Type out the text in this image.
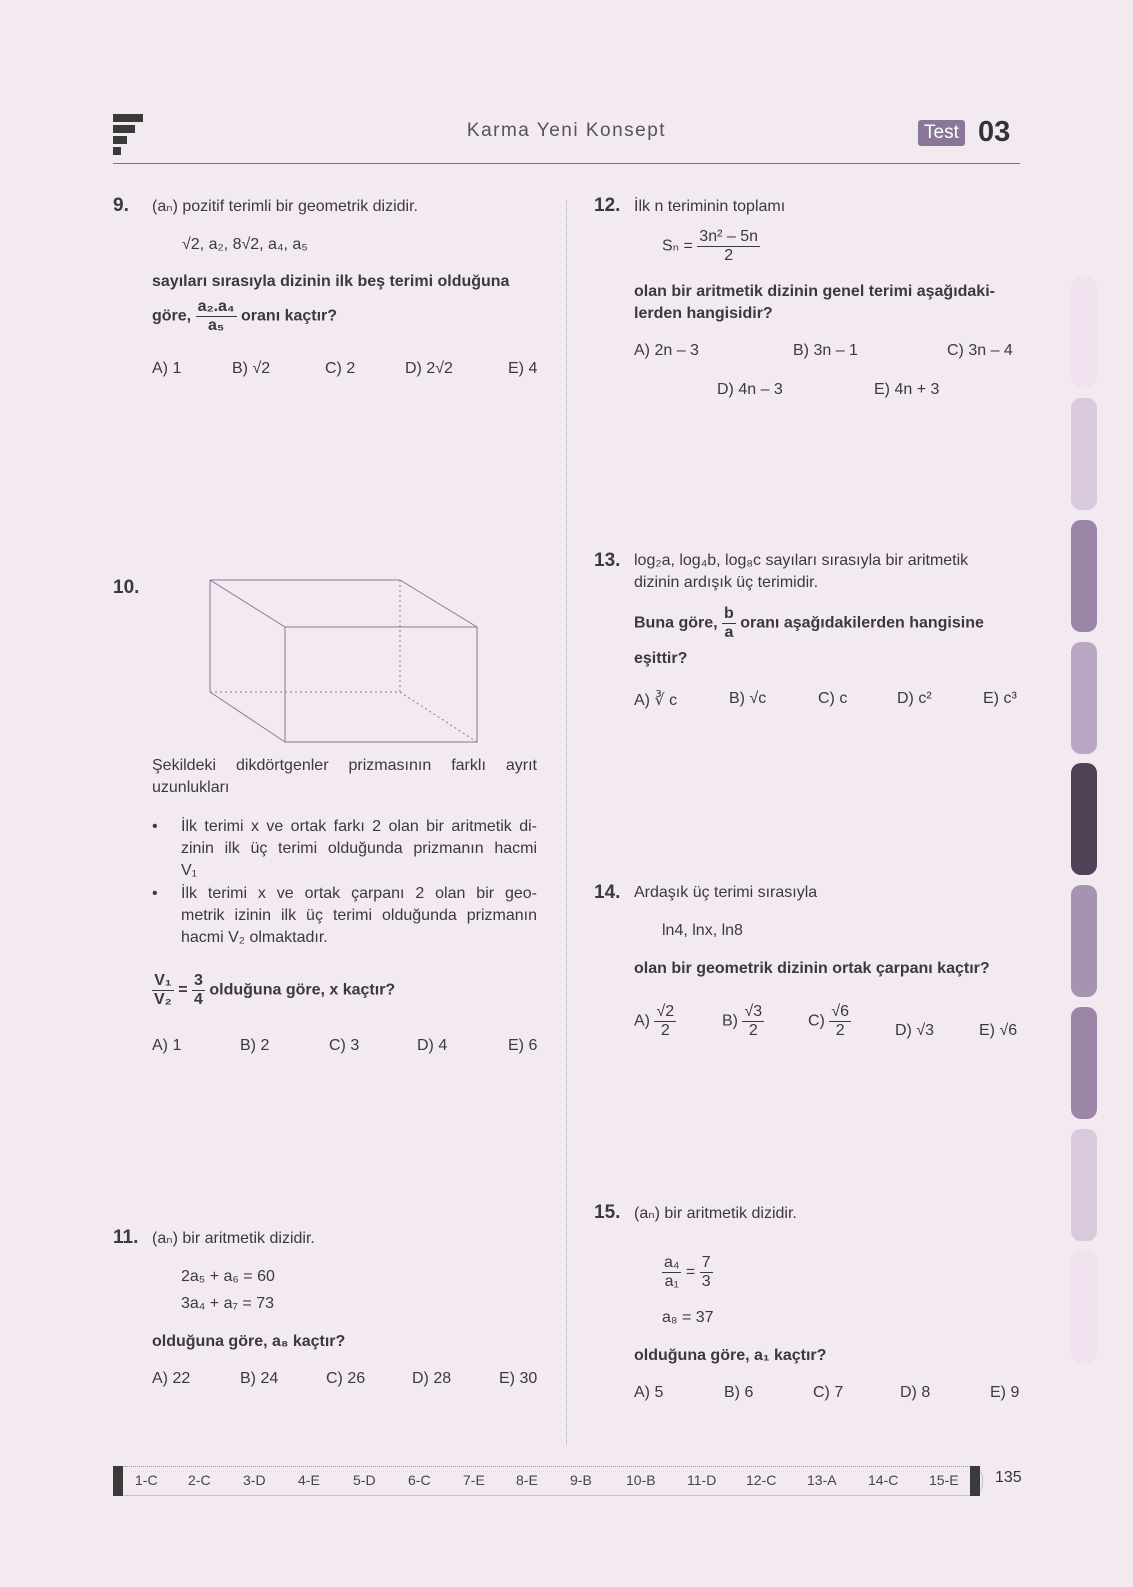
Karma Yeni Konsept	Test 03
9. (aₙ) pozitif terimli bir geometrik dizidir.
√2, a₂, 8√2, a₄, a₅
sayıları sırasıyla dizinin ilk beş terimi olduğuna
göre, $\frac{\text{a₂.a₄}}{\text{a₅}}$ oranı kaçtır?
A) 1	B) √2	C) 2	D) 2√2	E) 4
10.
Şekildeki dikdörtgenler prizmasının farklı ayrıt
uzunlukları
• İlk terimi x ve ortak farkı 2 olan bir aritmetik di-
zinin ilk üç terimi olduğunda prizmanın hacmi
V₁
• İlk terimi x ve ortak çarpanı 2 olan bir geo-
metrik izinin ilk üç terimi olduğunda prizmanın
hacmi V₂ olmaktadır.
$\frac{\text{V₁}}{\text{V₂}} = \frac{3}{4}$ olduğuna göre, x kaçtır?
A) 1	B) 2	C) 3	D) 4	E) 6
11. (aₙ) bir aritmetik dizidir.
2a₅ + a₆ = 60
3a₄ + a₇ = 73
olduğuna göre, a₈ kaçtır?
A) 22	B) 24	C) 26	D) 28	E) 30
12. İlk n teriminin toplamı
$S_n = \frac{\text{3n² – 5n}}{2}$
olan bir aritmetik dizinin genel terimi aşağıdaki-
lerden hangisidir?
A) 2n – 3	B) 3n – 1	C) 3n – 4
D) 4n – 3	E) 4n + 3
13. log₂a, log₄b, log₈c sayıları sırasıyla bir aritmetik
dizinin ardışık üç terimidir.
Buna göre, $\frac{b}{a}$ oranı aşağıdakilerden hangisine
eşittir?
A) ∛ c	B) √c	C) c	D) c²	E) c³
14. Ardaşık üç terimi sırasıyla
ln4, lnx, ln8
olan bir geometrik dizinin ortak çarpanı kaçtır?
$A) \frac{√2}{2}$	$B) \frac{√3}{2}$	$C) \frac{√6}{2}$	D) √3	E) √6
15. (aₙ) bir aritmetik dizidir.
$\frac{\text{a₄}}{\text{a₁}} = \frac{7}{3}$
a₈ = 37
olduğuna göre, a₁ kaçtır?
A) 5	B) 6	C) 7	D) 8	E) 9
1-C 2-C 3-D 4-E 5-D 6-C 7-E 8-E 9-B 10-B 11-D 12-C 13-A 14-C 15-E 135
